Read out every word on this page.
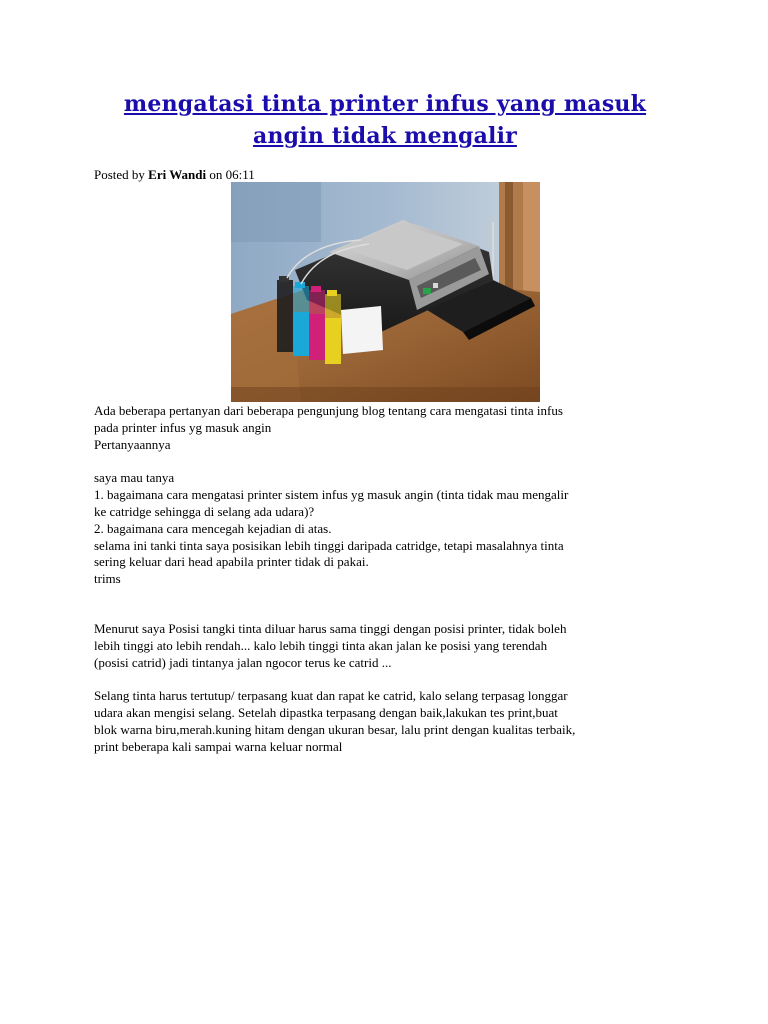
mengatasi tinta printer infus yang masuk
angin tidak mengalir
Posted by Eri Wandi on 06:11

Ada beberapa pertanyan dari beberapa pengunjung blog tentang cara mengatasi tinta infus

pada printer infus yg masuk angin

Pertanyaannya

saya mau tanya

1. bagaimana cara mengatasi printer sistem infus yg masuk angin (tinta tidak mau mengalir

ke catridge sehingga di selang ada udara)?

2. bagaimana cara mencegah kejadian di atas.

selama ini tanki tinta saya posisikan lebih tinggi daripada catridge, tetapi masalahnya tinta

sering keluar dari head apabila printer tidak di pakai.

trims

Menurut saya Posisi tangki tinta diluar harus sama tinggi dengan posisi printer, tidak boleh

lebih tinggi ato lebih rendah... kalo lebih tinggi tinta akan jalan ke posisi yang terendah

(posisi catrid) jadi tintanya jalan ngocor terus ke catrid ...

Selang tinta harus tertutup/ terpasang kuat dan rapat ke catrid, kalo selang terpasag longgar

udara akan mengisi selang. Setelah dipastka terpasang dengan baik,lakukan tes print,buat

blok warna biru,merah.kuning hitam dengan ukuran besar, lalu print dengan kualitas terbaik,

print beberapa kali sampai warna keluar normal
